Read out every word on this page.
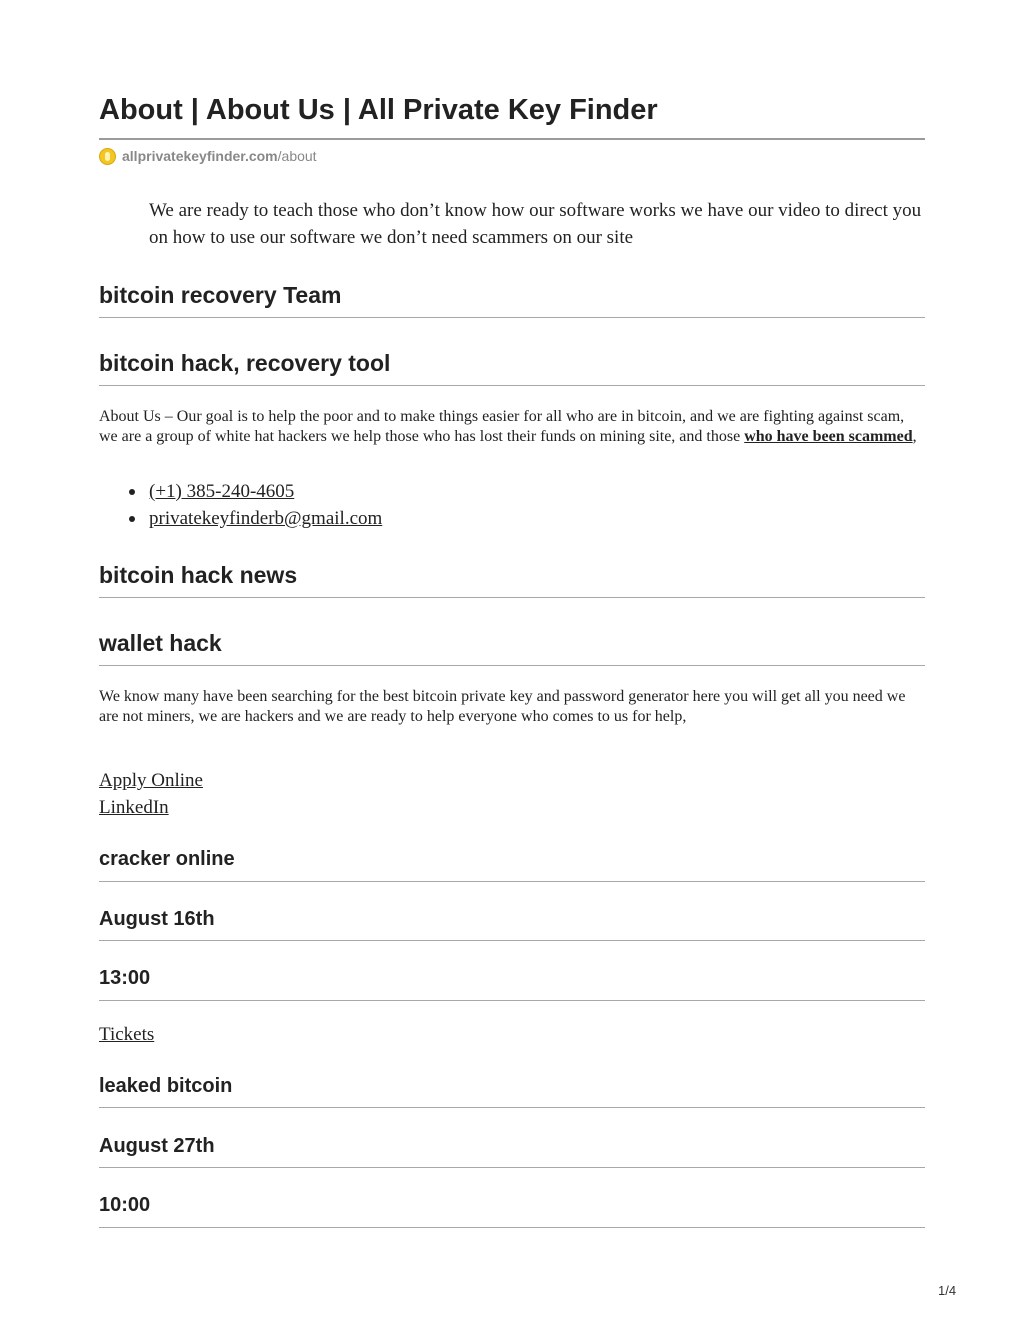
About | About Us | All Private Key Finder
allprivatekeyfinder.com /about

We are ready to teach those who don’t know how our software works we have our video to direct you on how to use our software we don’t need scammers on our site

bitcoin recovery Team
bitcoin hack, recovery tool

About Us – Our goal is to help the poor and to make things easier for all who are in bitcoin, and we are fighting against scam, we are a group of white hat hackers we help those who has lost their funds on mining site, and those who have been scammed,

(+1) 385-240-4605
privatekeyfinderb@gmail.com
bitcoin hack news
wallet hack

We know many have been searching for the best bitcoin private key and password generator here you will get all you need we are not miners, we are hackers and we are ready to help everyone who comes to us for help,

Apply Online
LinkedIn
cracker online
August 16th
13:00
Tickets
leaked bitcoin
August 27th
10:00
1/4
